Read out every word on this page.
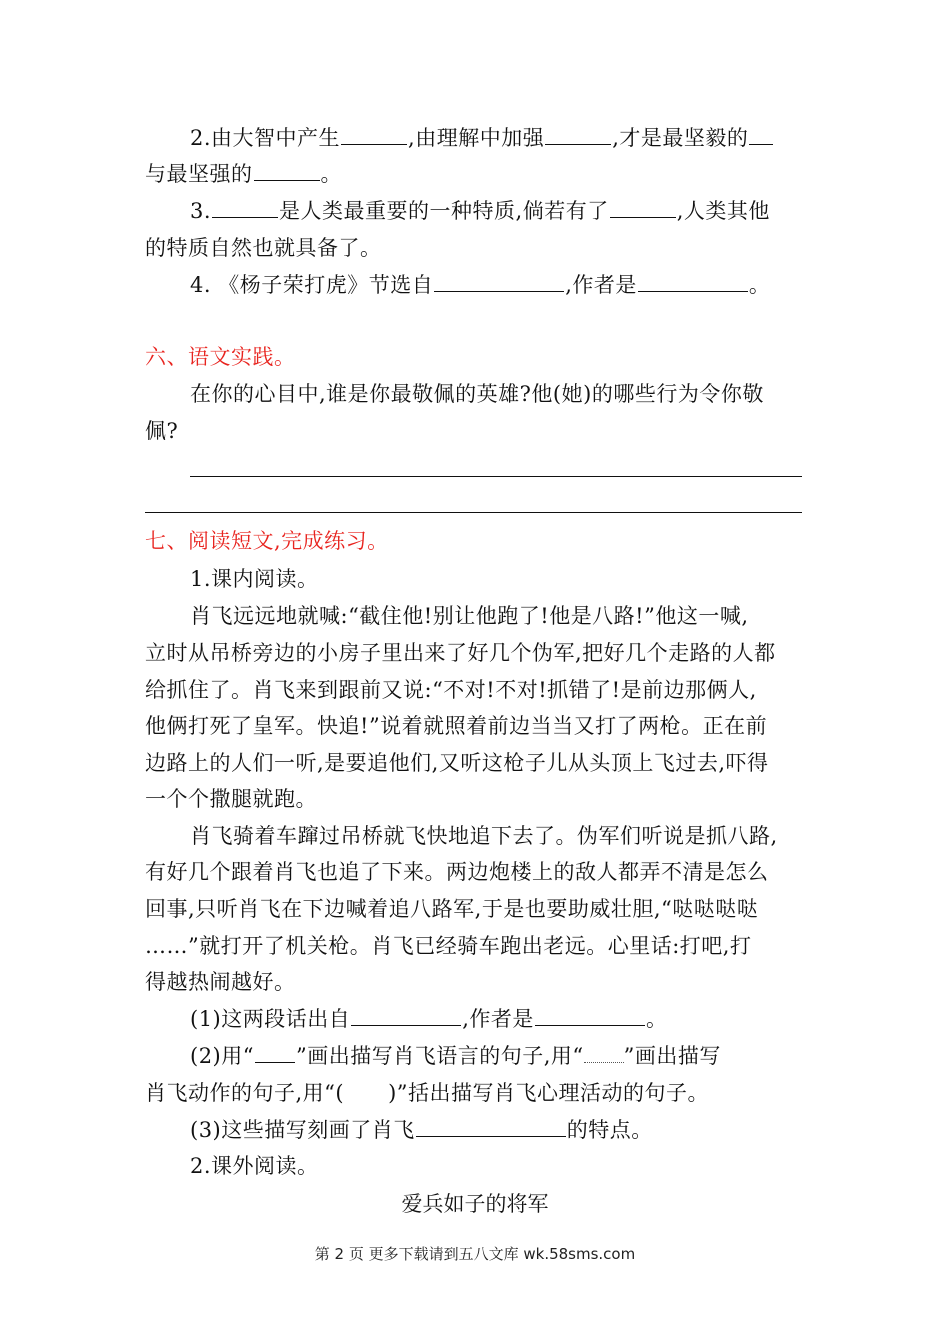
2.由大智中产生	,由理解中加强	,才是最坚毅的
与最坚强的	。
3.	是人类最重要的一种特质,倘若有了	,人类其他
的特质自然也就具备了。
4. 《杨子荣打虎》节选自	,作者是	。
六、语文实践。
在你的心目中,谁是你最敬佩的英雄?他(她)的哪些行为令你敬
佩?
七、阅读短文,完成练习。
1.课内阅读。
肖飞远远地就喊:“截住他!别让他跑了!他是八路!”他这一喊,
立时从吊桥旁边的小房子里出来了好几个伪军,把好几个走路的人都
给抓住了。肖飞来到跟前又说:“不对!不对!抓错了!是前边那俩人,
他俩打死了皇军。快追!”说着就照着前边当当又打了两枪。正在前
边路上的人们一听,是要追他们,又听这枪子儿从头顶上飞过去,吓得
一个个撒腿就跑。
肖飞骑着车蹿过吊桥就飞快地追下去了。伪军们听说是抓八路,
有好几个跟着肖飞也追了下来。两边炮楼上的敌人都弄不清是怎么
回事,只听肖飞在下边喊着追八路军,于是也要助威壮胆,“哒哒哒哒
……”就打开了机关枪。肖飞已经骑车跑出老远。心里话:打吧,打
得越热闹越好。
(1)这两段话出自	,作者是	。
(2)用“ ”画出描写肖飞语言的句子,用“ ”画出描写
肖飞动作的句子,用“( )”括出描写肖飞心理活动的句子。
(3)这些描写刻画了肖飞	的特点。
2.课外阅读。
爱兵如子的将军
第 2 页 更多下载请到五八文库 wk.58sms.com
